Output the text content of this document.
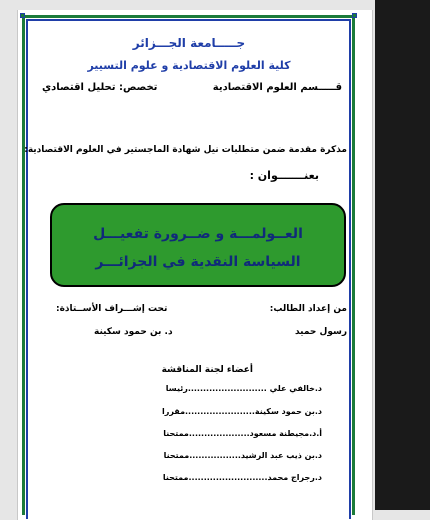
جـــــامعة الجـــزائر
كلية العلوم الاقتصادية و علوم التسيير
قـــــسم العلوم الاقتصادية
تخصص: تحليل اقتصادي
مذكرة مقدمة ضمن متطلبات نيل شهادة الماجستير في العلوم الاقتصادية:
بعنـــــــوان :
العــولمـــة و ضــرورة تفعيـــل
السياسة النقدية في الجزائـــر
من إعداد الطالب:
تحت إشـــراف الأســتاذة:
رسول حميد
د. بن حمود سكينة
أعضاء لجنة المناقشة
د.خالفي علي ..........................رئيسا
د.بن حمود سكينة.......................مقررا
أ.د.مجيطنة مسعود....................ممتحنا
د.بن ذيب عبد الرشيد.................ممتحنا
د.رجراج محمد..........................ممتحنا
